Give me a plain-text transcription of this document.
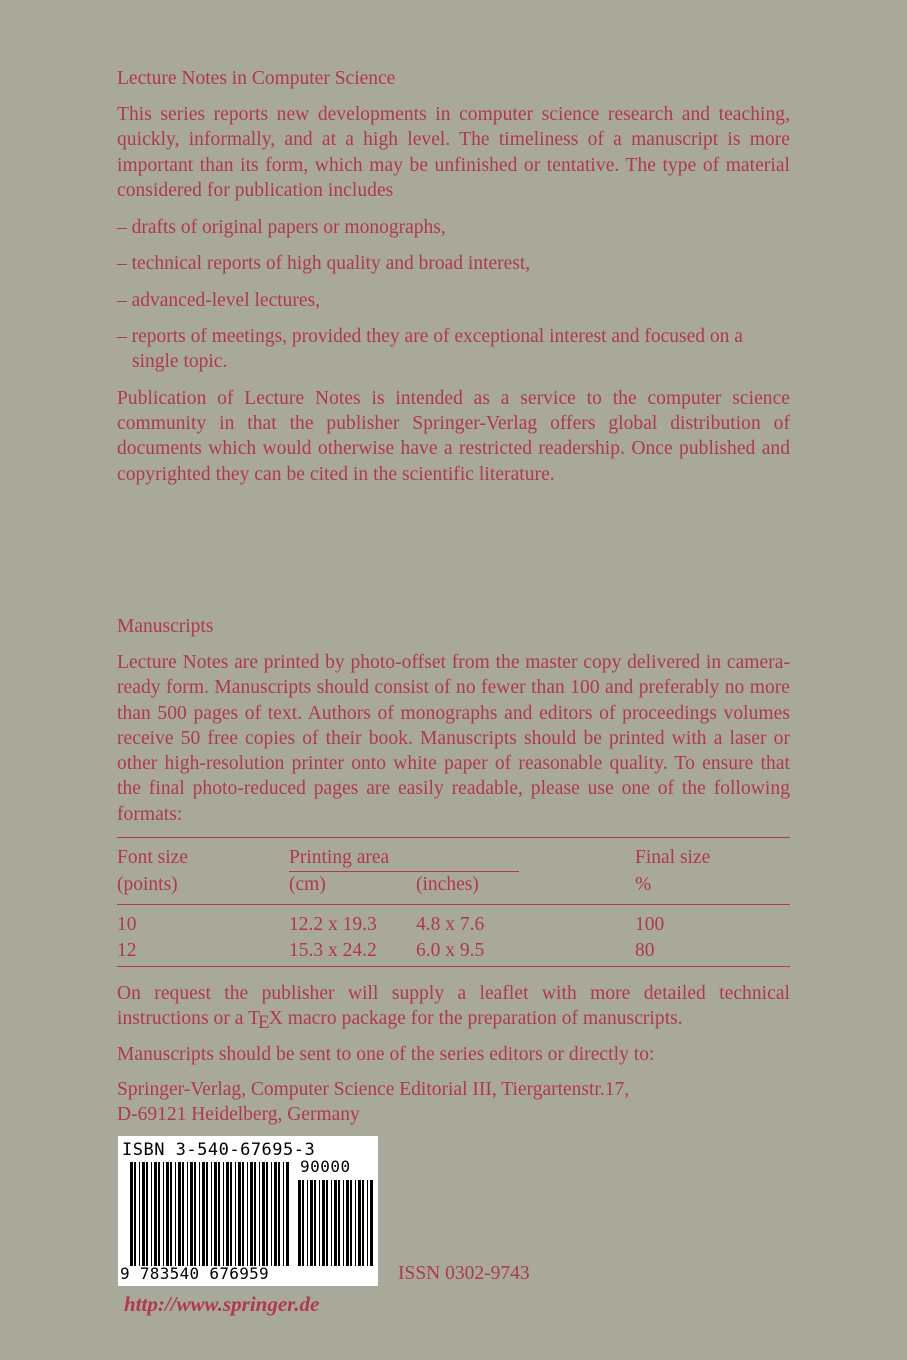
Lecture Notes in Computer Science

This series reports new developments in computer science research and teaching, quickly, informally, and at a high level. The timeliness of a manuscript is more important than its form, which may be unfinished or tentative. The type of material considered for publication includes

– drafts of original papers or monographs,
– technical reports of high quality and broad interest,
– advanced-level lectures,
– reports of meetings, provided they are of exceptional interest and focused on a single topic.

Publication of Lecture Notes is intended as a service to the computer science community in that the publisher Springer-Verlag offers global distribution of documents which would otherwise have a restricted readership. Once published and copyrighted they can be cited in the scientific literature.

Manuscripts

Lecture Notes are printed by photo-offset from the master copy delivered in camera-ready form. Manuscripts should consist of no fewer than 100 and preferably no more than 500 pages of text. Authors of monographs and editors of proceedings volumes receive 50 free copies of their book. Manuscripts should be printed with a laser or other high-resolution printer onto white paper of reasonable quality. To ensure that the final photo-reduced pages are easily readable, please use one of the following formats:

Font size	Printing area		Final size
(points)	(cm)	(inches)	%
10	12.2 x 19.3	4.8 x 7.6	100
12	15.3 x 24.2	6.0 x 9.5	80

On request the publisher will supply a leaflet with more detailed technical instructions or a TEX macro package for the preparation of manuscripts.

Manuscripts should be sent to one of the series editors or directly to:

Springer-Verlag, Computer Science Editorial III, Tiergartenstr.17,
D-69121 Heidelberg, Germany
ISBN 3-540-67695-3
90000
9 783540 676959	ISSN 0302-9743
http://www.springer.de
